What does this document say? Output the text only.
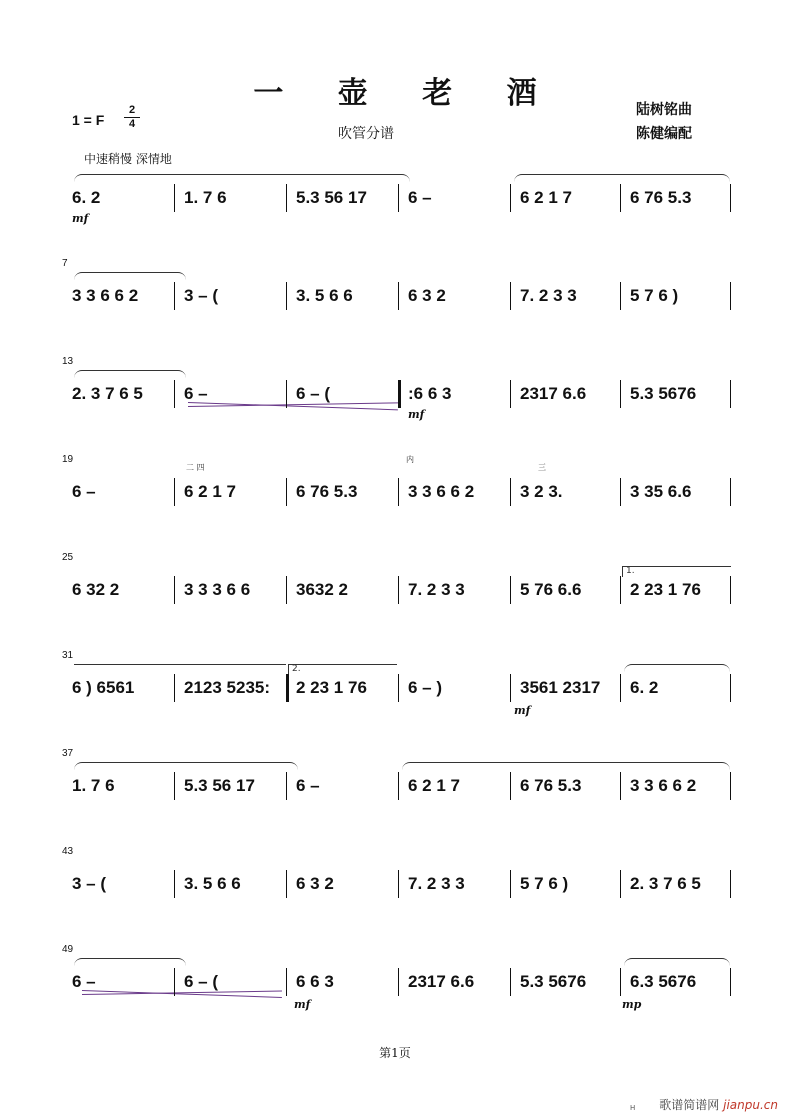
一 壶 老 酒
1 = F
2
4
吹管分谱
陆树铭曲
陈健编配
中速稍慢 深情地
6. 2	1. 7 6	5.3 56 17	6 –	6 2 1 7	6 76 5.3
mf
7
3 3 6 6 2	3 – (	3. 5 6 6	6 3 2	7. 2 3 3	5 7 6 )
13
2. 3 7 6 5	6 –	6 – (	:6 6 3	2317 6.6	5.3 5676
mf
19
二 四
内
三
6 –	6 2 1 7	6 76 5.3	3 3 6 6 2	3 2 3.	3 35 6.6
25
1.
6 32 2	3 3 3 6 6	3632 2	7. 2 3 3	5 76 6.6	2 23 1 76
31
2.
6 ) 6561	2123 5235:	2 23 1 76	6 – )	3561 2317	6. 2
mf
37
1. 7 6	5.3 56 17	6 –	6 2 1 7	6 76 5.3	3 3 6 6 2
43
3 – (	3. 5 6 6	6 3 2	7. 2 3 3	5 7 6 )	2. 3 7 6 5
49
6 –	6 – (	6 6 3	2317 6.6	5.3 5676	6.3 5676
mf	mp
第1页
H 歌谱简谱网 jianpu.cn
